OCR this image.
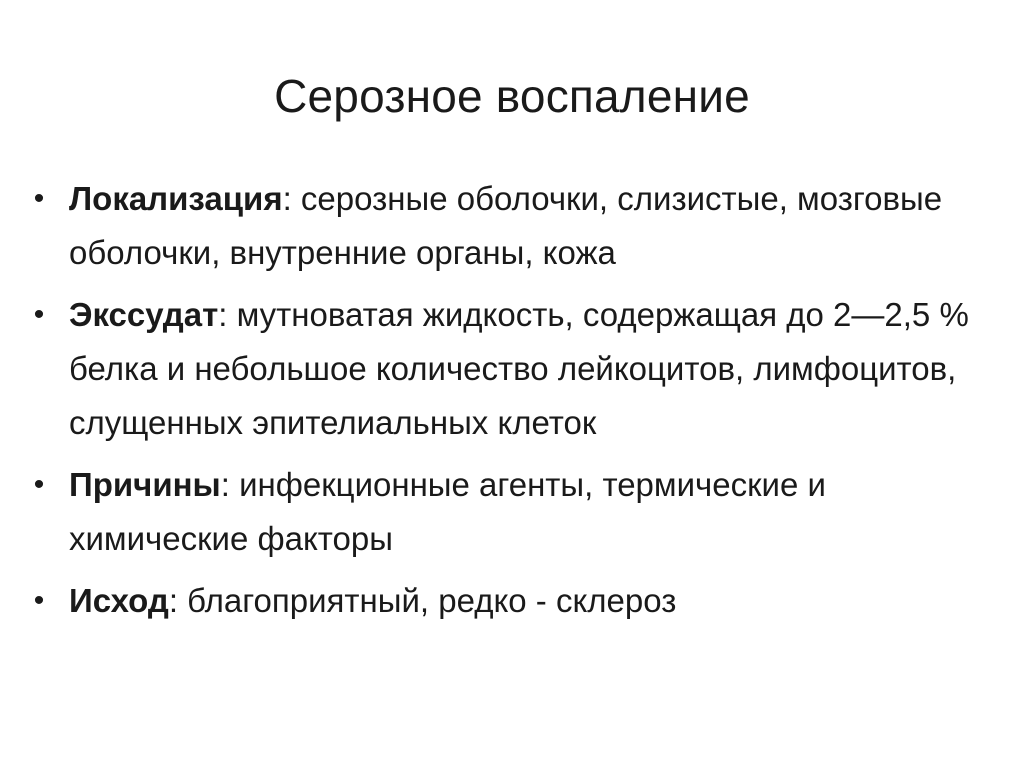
Серозное воспаление
• Локализация: серозные оболочки, слизистые, мозговые оболочки, внутренние органы, кожа
• Экссудат: мутноватая жидкость, содержащая до 2—2,5 % белка и небольшое количество лейкоцитов, лимфоцитов, слущенных эпителиальных клеток
• Причины: инфекционные агенты, термические и химические факторы
• Исход: благоприятный, редко - склероз
